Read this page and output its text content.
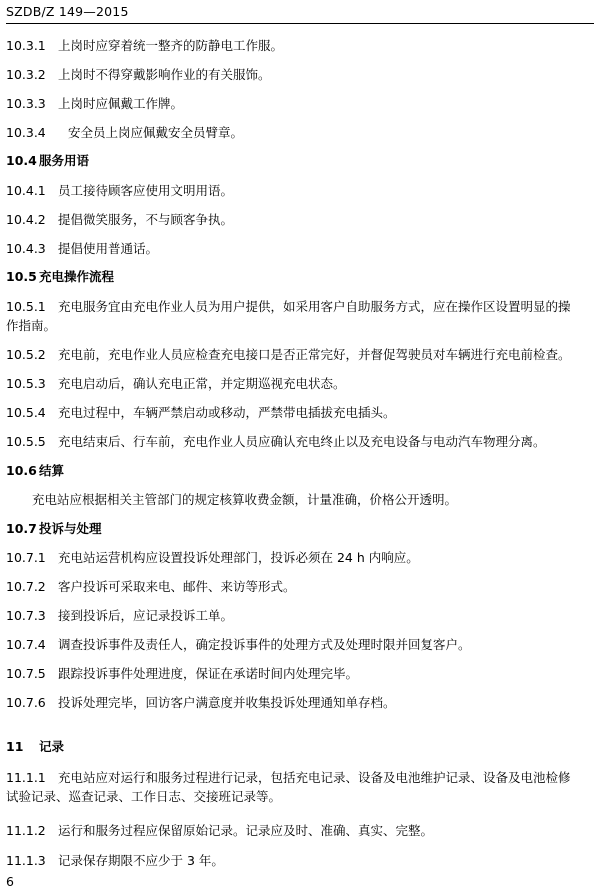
SZDB/Z 149—2015
10.3.1 上岗时应穿着统一整齐的防静电工作服。
10.3.2 上岗时不得穿戴影响作业的有关服饰。
10.3.3 上岗时应佩戴工作牌。
10.3.4 安全员上岗应佩戴安全员臂章。
10.4 服务用语
10.4.1 员工接待顾客应使用文明用语。
10.4.2 提倡微笑服务，不与顾客争执。
10.4.3 提倡使用普通话。
10.5 充电操作流程
10.5.1 充电服务宜由充电作业人员为用户提供，如采用客户自助服务方式，应在操作区设置明显的操
作指南。
10.5.2 充电前，充电作业人员应检查充电接口是否正常完好，并督促驾驶员对车辆进行充电前检查。
10.5.3 充电启动后，确认充电正常，并定期巡视充电状态。
10.5.4 充电过程中，车辆严禁启动或移动，严禁带电插拔充电插头。
10.5.5 充电结束后、行车前，充电作业人员应确认充电终止以及充电设备与电动汽车物理分离。
10.6 结算
充电站应根据相关主管部门的规定核算收费金额，计量准确，价格公开透明。
10.7 投诉与处理
10.7.1 充电站运营机构应设置投诉处理部门，投诉必须在 24 h 内响应。
10.7.2 客户投诉可采取来电、邮件、来访等形式。
10.7.3 接到投诉后，应记录投诉工单。
10.7.4 调查投诉事件及责任人，确定投诉事件的处理方式及处理时限并回复客户。
10.7.5 跟踪投诉事件处理进度，保证在承诺时间内处理完毕。
10.7.6 投诉处理完毕，回访客户满意度并收集投诉处理通知单存档。
11 记录
11.1.1 充电站应对运行和服务过程进行记录，包括充电记录、设备及电池维护记录、设备及电池检修
试验记录、巡查记录、工作日志、交接班记录等。
11.1.2 运行和服务过程应保留原始记录。记录应及时、准确、真实、完整。
11.1.3 记录保存期限不应少于 3 年。
6
